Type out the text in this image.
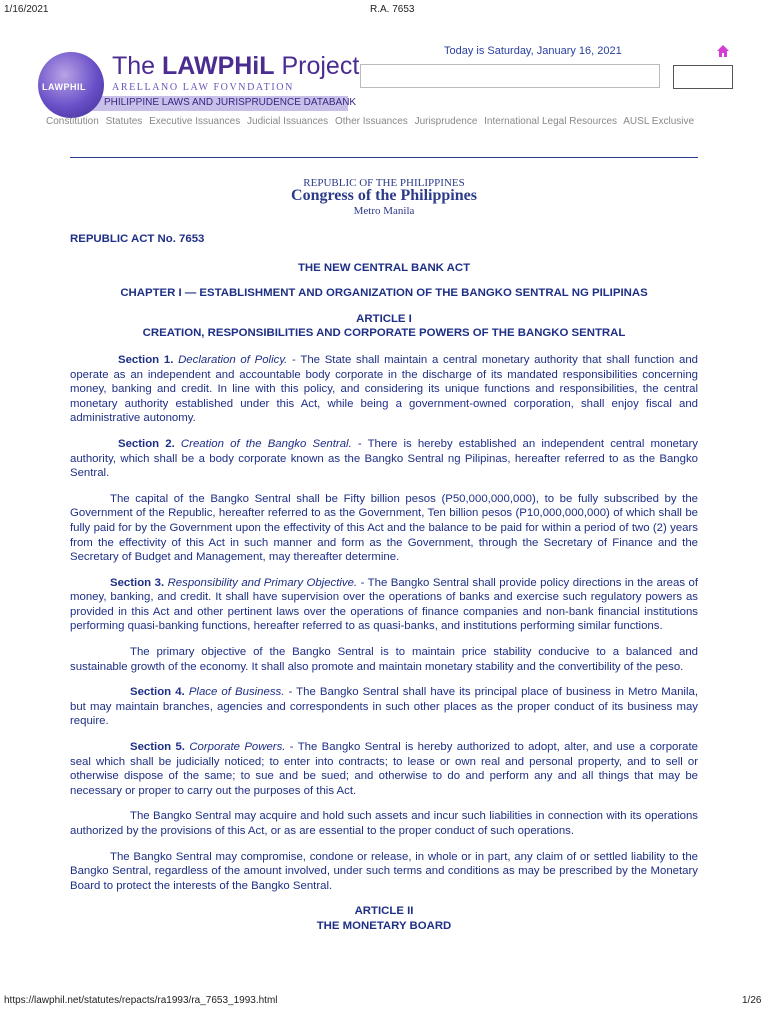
1/16/2021	R.A. 7653
PHILIPPINE LAWS AND JURISPRUDENCE DATABANK
LAWPHIL
The LAWPHiL Project
ARELLANO LAW FOVNDATION
Today is Saturday, January 16, 2021
Constitution Statutes Executive Issuances Judicial Issuances Other Issuances Jurisprudence International Legal Resources AUSL Exclusive
REPUBLIC OF THE PHILIPPINES
Congress of the Philippines
Metro Manila

REPUBLIC ACT No. 7653

THE NEW CENTRAL BANK ACT

CHAPTER I — ESTABLISHMENT AND ORGANIZATION OF THE BANGKO SENTRAL NG PILIPINAS

ARTICLE I
CREATION, RESPONSIBILITIES AND CORPORATE POWERS OF THE BANGKO SENTRAL

Section 1. Declaration of Policy. - The State shall maintain a central monetary authority that shall function and operate as an independent and accountable body corporate in the discharge of its mandated responsibilities concerning money, banking and credit. In line with this policy, and considering its unique functions and responsibilities, the central monetary authority established under this Act, while being a government-owned corporation, shall enjoy fiscal and administrative autonomy.

Section 2. Creation of the Bangko Sentral. - There is hereby established an independent central monetary authority, which shall be a body corporate known as the Bangko Sentral ng Pilipinas, hereafter referred to as the Bangko Sentral.

The capital of the Bangko Sentral shall be Fifty billion pesos (P50,000,000,000), to be fully subscribed by the Government of the Republic, hereafter referred to as the Government, Ten billion pesos (P10,000,000,000) of which shall be fully paid for by the Government upon the effectivity of this Act and the balance to be paid for within a period of two (2) years from the effectivity of this Act in such manner and form as the Government, through the Secretary of Finance and the Secretary of Budget and Management, may thereafter determine.

Section 3. Responsibility and Primary Objective. - The Bangko Sentral shall provide policy directions in the areas of money, banking, and credit. It shall have supervision over the operations of banks and exercise such regulatory powers as provided in this Act and other pertinent laws over the operations of finance companies and non-bank financial institutions performing quasi-banking functions, hereafter referred to as quasi-banks, and institutions performing similar functions.

The primary objective of the Bangko Sentral is to maintain price stability conducive to a balanced and sustainable growth of the economy. It shall also promote and maintain monetary stability and the convertibility of the peso.

Section 4. Place of Business. - The Bangko Sentral shall have its principal place of business in Metro Manila, but may maintain branches, agencies and correspondents in such other places as the proper conduct of its business may require.

Section 5. Corporate Powers. - The Bangko Sentral is hereby authorized to adopt, alter, and use a corporate seal which shall be judicially noticed; to enter into contracts; to lease or own real and personal property, and to sell or otherwise dispose of the same; to sue and be sued; and otherwise to do and perform any and all things that may be necessary or proper to carry out the purposes of this Act.

The Bangko Sentral may acquire and hold such assets and incur such liabilities in connection with its operations authorized by the provisions of this Act, or as are essential to the proper conduct of such operations.

The Bangko Sentral may compromise, condone or release, in whole or in part, any claim of or settled liability to the Bangko Sentral, regardless of the amount involved, under such terms and conditions as may be prescribed by the Monetary Board to protect the interests of the Bangko Sentral.

ARTICLE II
THE MONETARY BOARD

https://lawphil.net/statutes/repacts/ra1993/ra_7653_1993.html	1/26
